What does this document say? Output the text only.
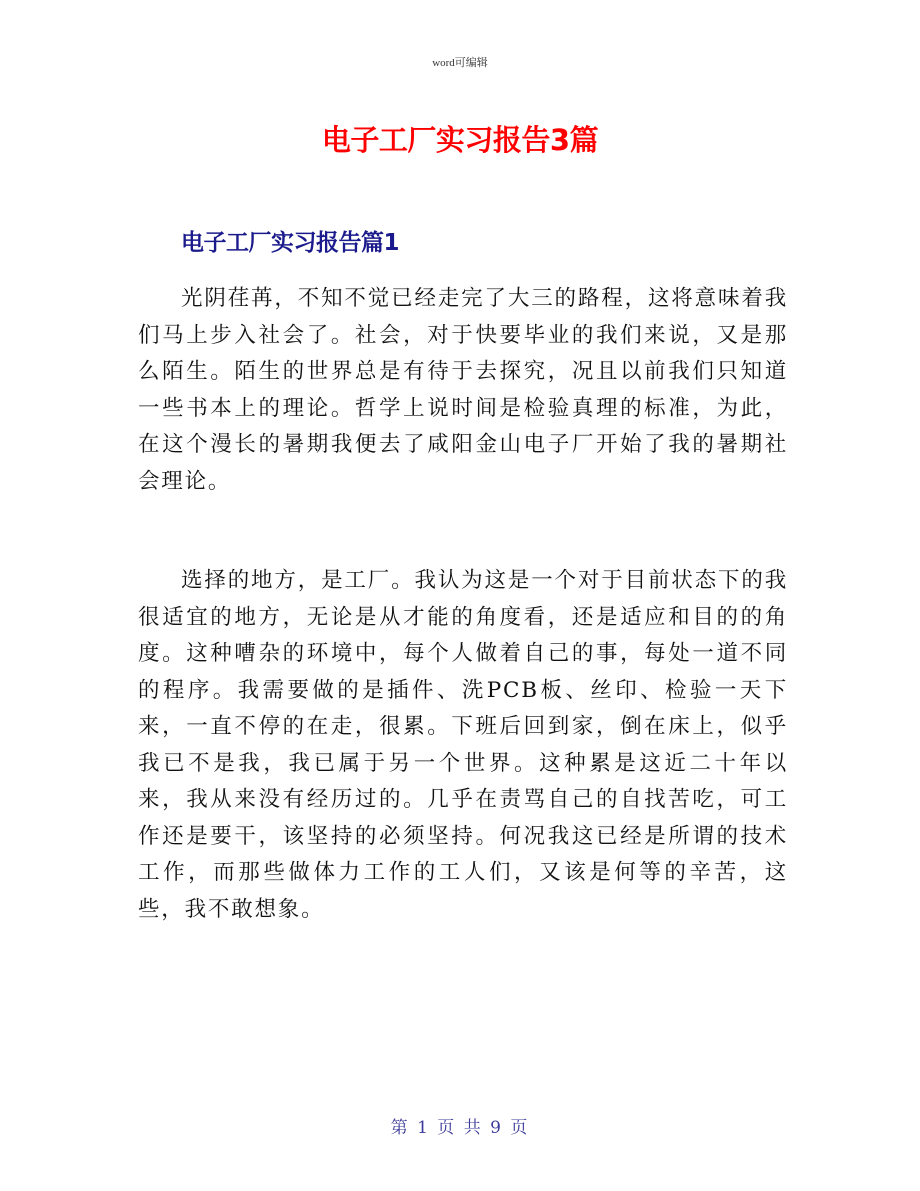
word可编辑
电子工厂实习报告3篇
电子工厂实习报告篇1

光阴荏苒，不知不觉已经走完了大三的路程，这将意味着我们马上步入社会了。社会，对于快要毕业的我们来说，又是那么陌生。陌生的世界总是有待于去探究，况且以前我们只知道一些书本上的理论。哲学上说时间是检验真理的标准，为此，在这个漫长的暑期我便去了咸阳金山电子厂开始了我的暑期社会理论。

选择的地方，是工厂。我认为这是一个对于目前状态下的我很适宜的地方，无论是从才能的角度看，还是适应和目的的角度。这种嘈杂的环境中，每个人做着自己的事，每处一道不同的程序。我需要做的是插件、洗PCB板、丝印、检验一天下来，一直不停的在走，很累。下班后回到家，倒在床上，似乎我已不是我，我已属于另一个世界。这种累是这近二十年以来，我从来没有经历过的。几乎在责骂自己的自找苦吃，可工作还是要干，该坚持的必须坚持。何况我这已经是所谓的技术工作，而那些做体力工作的工人们，又该是何等的辛苦，这些，我不敢想象。

第 1 页 共 9 页
